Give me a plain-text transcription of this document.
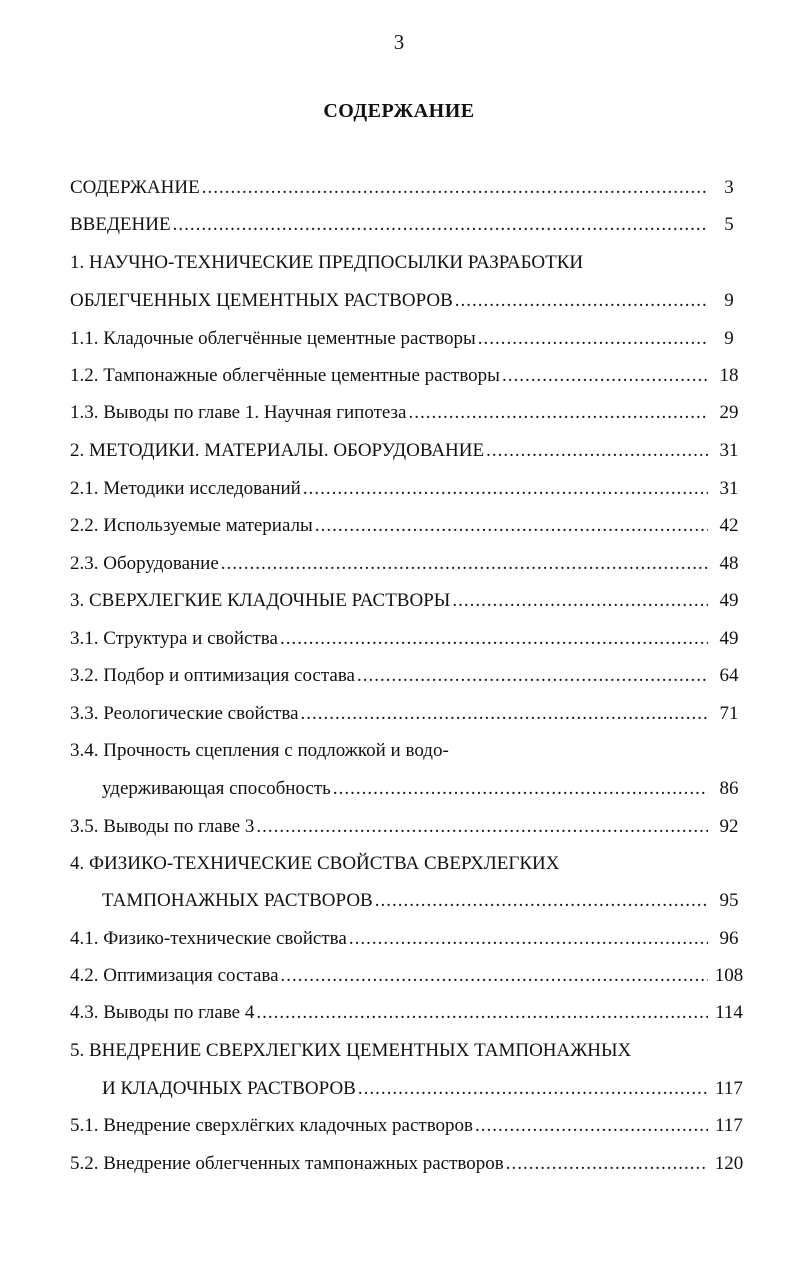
3
СОДЕРЖАНИЕ
СОДЕРЖАНИЕ .....	3
ВВЕДЕНИЕ .....	5
1. НАУЧНО-ТЕХНИЧЕСКИЕ ПРЕДПОСЫЛКИ РАЗРАБОТКИ
ОБЛЕГЧЕННЫХ ЦЕМЕНТНЫХ РАСТВОРОВ .....	9
1.1. Кладочные облегчённые цементные растворы .....	9
1.2. Тампонажные облегчённые цементные растворы .....	18
1.3. Выводы по главе 1. Научная гипотеза .....	29
2. МЕТОДИКИ. МАТЕРИАЛЫ. ОБОРУДОВАНИЕ .....	31
2.1. Методики исследований .....	31
2.2. Используемые материалы .....	42
2.3. Оборудование .....	48
3. СВЕРХЛЕГКИЕ КЛАДОЧНЫЕ РАСТВОРЫ .....	49
3.1. Структура и свойства .....	49
3.2. Подбор и оптимизация состава .....	64
3.3. Реологические свойства .....	71
3.4. Прочность сцепления с подложкой и водо-
удерживающая способность .....	86
3.5. Выводы по главе 3 .....	92
4. ФИЗИКО-ТЕХНИЧЕСКИЕ СВОЙСТВА СВЕРХЛЕГКИХ
ТАМПОНАЖНЫХ РАСТВОРОВ .....	95
4.1. Физико-технические свойства .....	96
4.2. Оптимизация состава .....	108
4.3. Выводы по главе 4 .....	114
5. ВНЕДРЕНИЕ СВЕРХЛЕГКИХ ЦЕМЕНТНЫХ ТАМПОНАЖНЫХ
И КЛАДОЧНЫХ РАСТВОРОВ .....	117
5.1. Внедрение сверхлёгких кладочных растворов .....	117
5.2. Внедрение облегченных тампонажных растворов .....	120
